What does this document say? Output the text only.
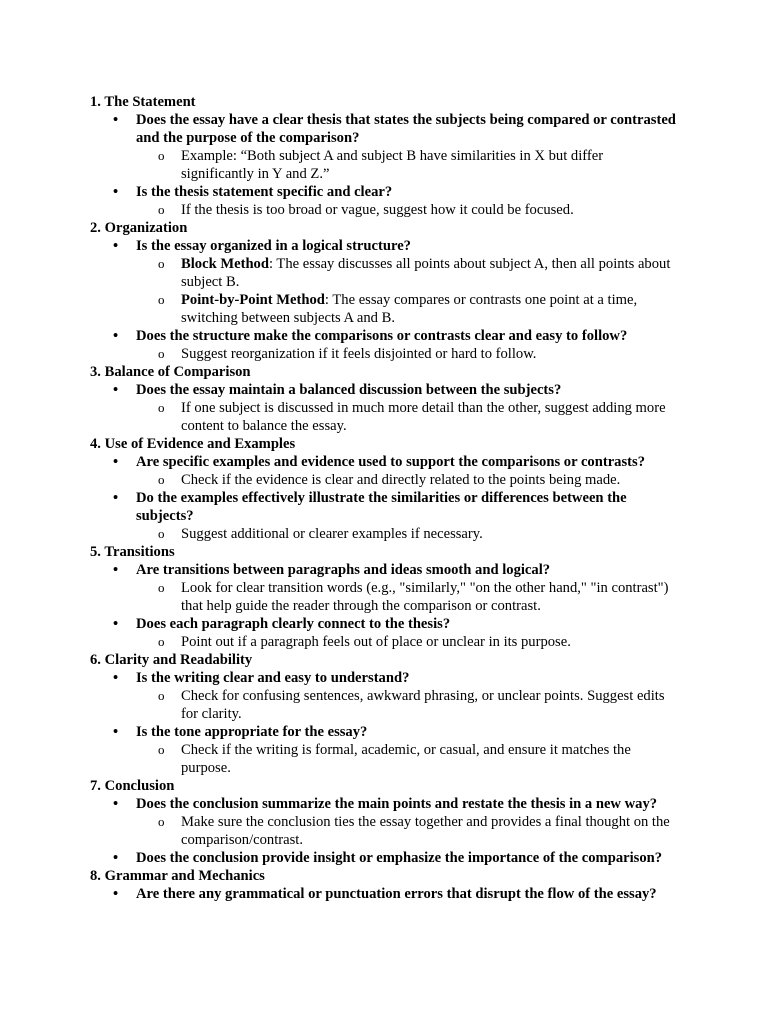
1. The Statement
• Does the essay have a clear thesis that states the subjects being compared or contrasted and the purpose of the comparison?
o Example: “Both subject A and subject B have similarities in X but differ significantly in Y and Z.”
• Is the thesis statement specific and clear?
o If the thesis is too broad or vague, suggest how it could be focused.
2. Organization
• Is the essay organized in a logical structure?
o Block Method: The essay discusses all points about subject A, then all points about subject B.
o Point-by-Point Method: The essay compares or contrasts one point at a time, switching between subjects A and B.
• Does the structure make the comparisons or contrasts clear and easy to follow?
o Suggest reorganization if it feels disjointed or hard to follow.
3. Balance of Comparison
• Does the essay maintain a balanced discussion between the subjects?
o If one subject is discussed in much more detail than the other, suggest adding more content to balance the essay.
4. Use of Evidence and Examples
• Are specific examples and evidence used to support the comparisons or contrasts?
o Check if the evidence is clear and directly related to the points being made.
• Do the examples effectively illustrate the similarities or differences between the subjects?
o Suggest additional or clearer examples if necessary.
5. Transitions
• Are transitions between paragraphs and ideas smooth and logical?
o Look for clear transition words (e.g., "similarly," "on the other hand," "in contrast") that help guide the reader through the comparison or contrast.
• Does each paragraph clearly connect to the thesis?
o Point out if a paragraph feels out of place or unclear in its purpose.
6. Clarity and Readability
• Is the writing clear and easy to understand?
o Check for confusing sentences, awkward phrasing, or unclear points. Suggest edits for clarity.
• Is the tone appropriate for the essay?
o Check if the writing is formal, academic, or casual, and ensure it matches the purpose.
7. Conclusion
• Does the conclusion summarize the main points and restate the thesis in a new way?
o Make sure the conclusion ties the essay together and provides a final thought on the comparison/contrast.
• Does the conclusion provide insight or emphasize the importance of the comparison?
8. Grammar and Mechanics
• Are there any grammatical or punctuation errors that disrupt the flow of the essay?
